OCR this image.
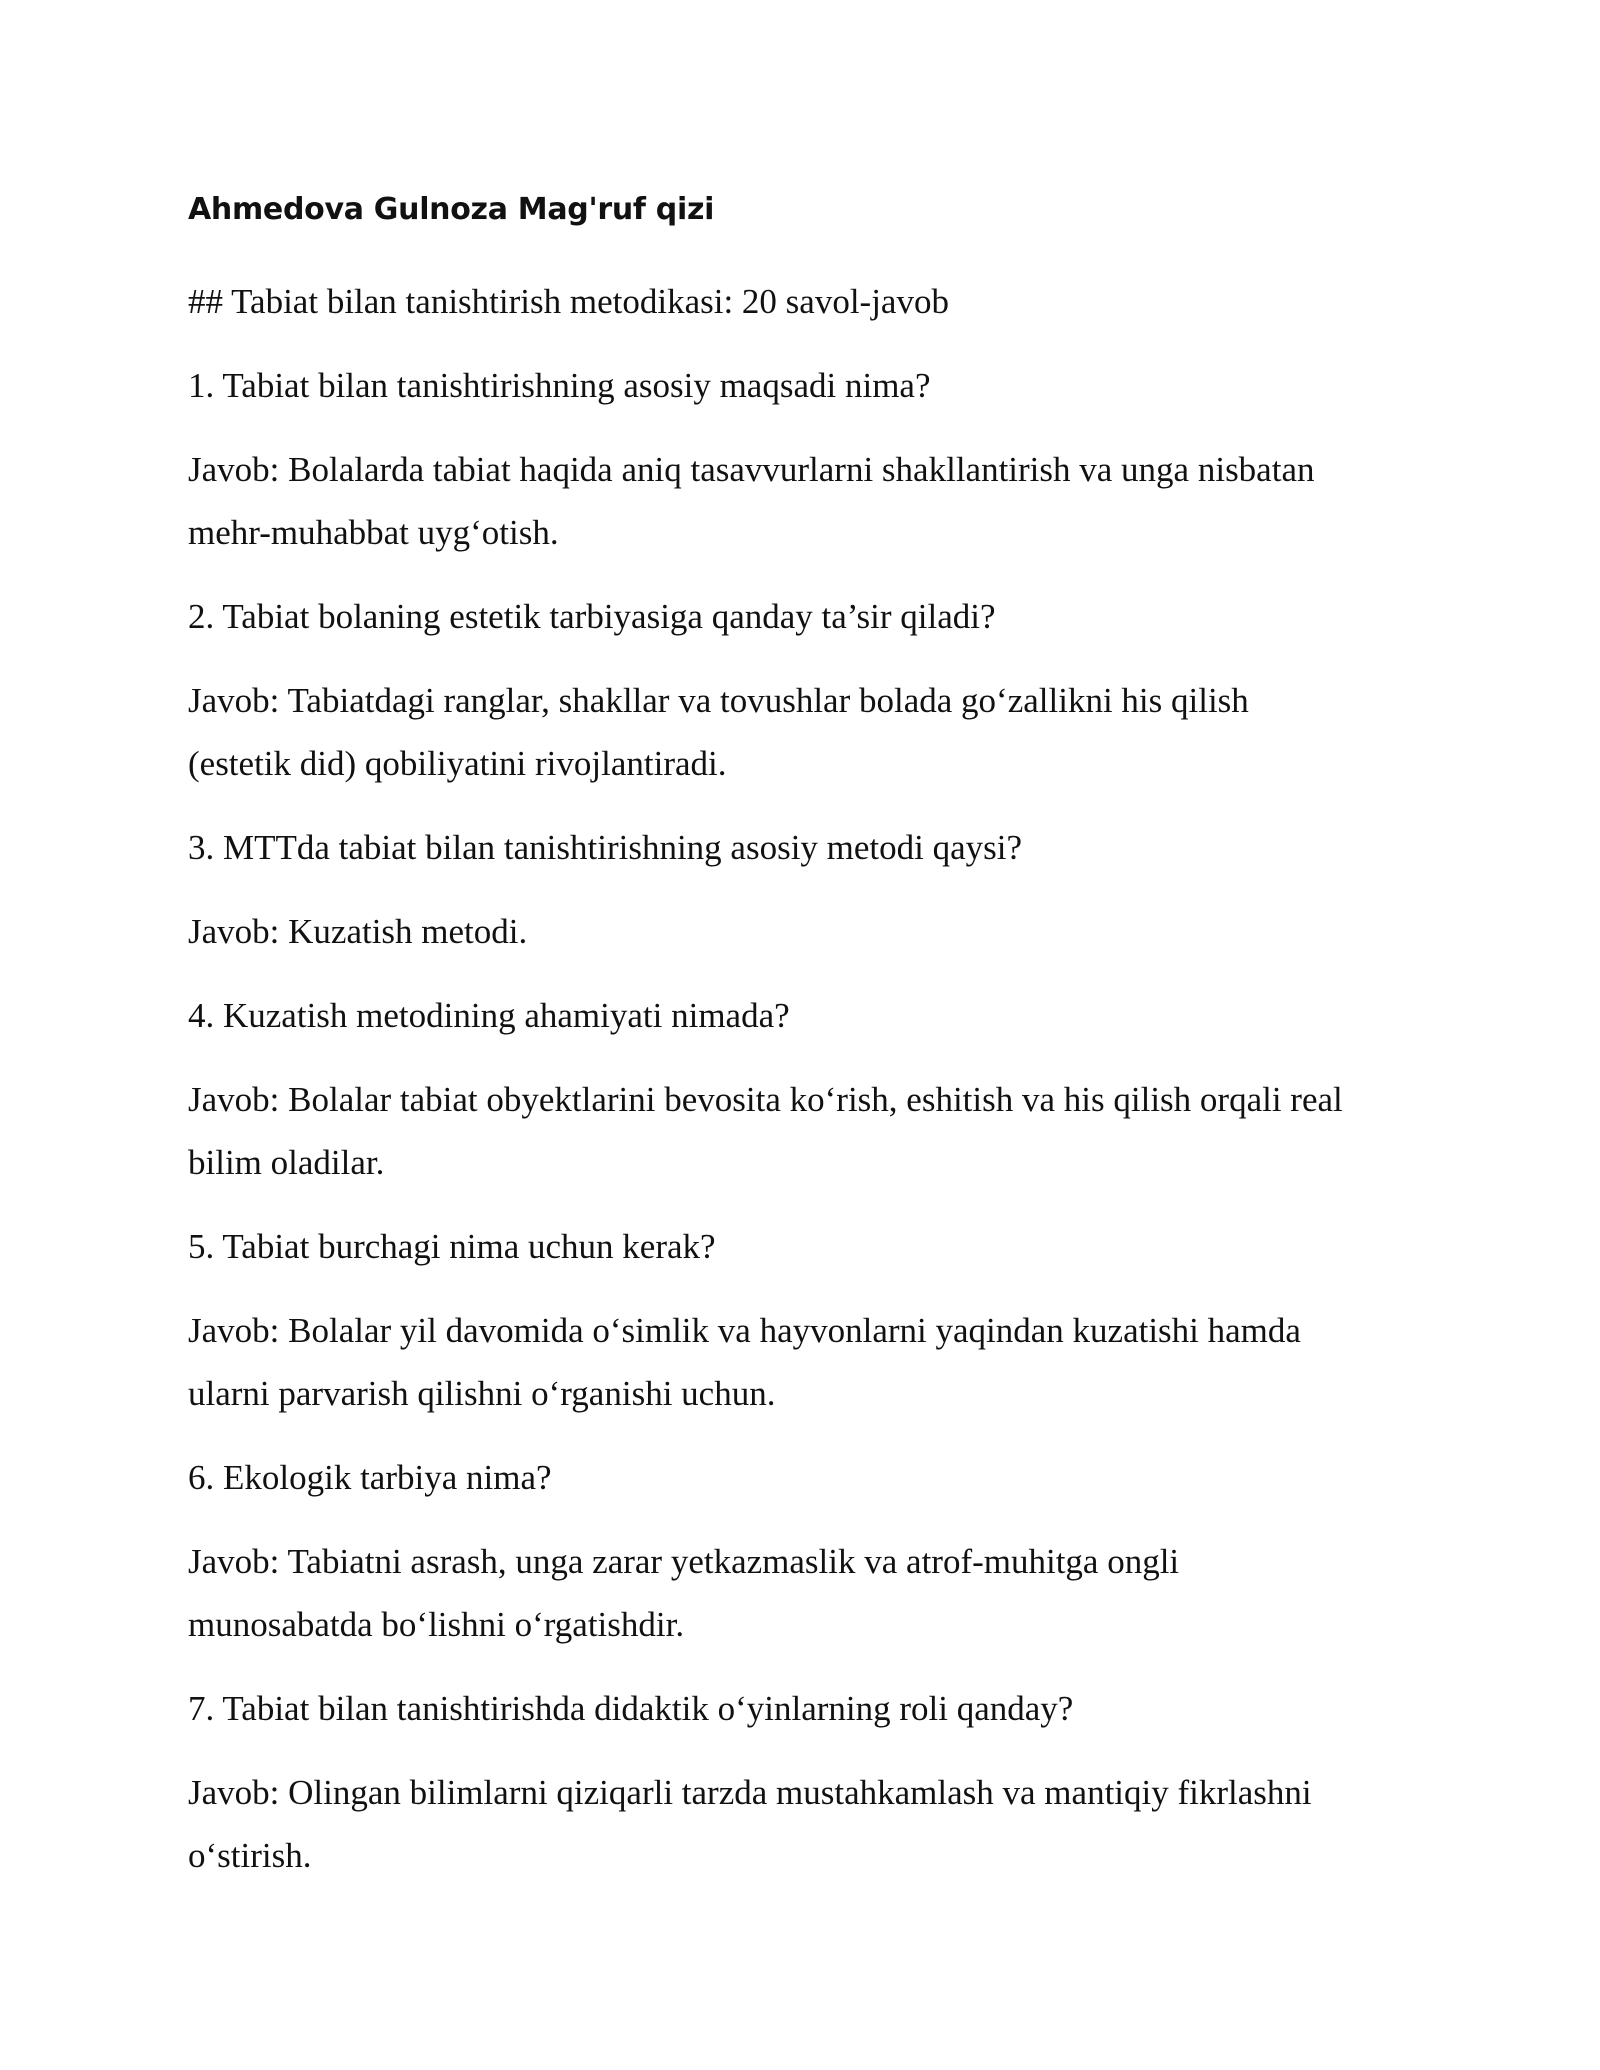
Ahmedova Gulnoza Mag'ruf qizi
## Tabiat bilan tanishtirish metodikasi: 20 savol-javob
1. Tabiat bilan tanishtirishning asosiy maqsadi nima?
Javob: Bolalarda tabiat haqida aniq tasavvurlarni shakllantirish va unga nisbatan
mehr-muhabbat uyg‘otish.
2. Tabiat bolaning estetik tarbiyasiga qanday ta’sir qiladi?
Javob: Tabiatdagi ranglar, shakllar va tovushlar bolada go‘zallikni his qilish
(estetik did) qobiliyatini rivojlantiradi.
3. MTTda tabiat bilan tanishtirishning asosiy metodi qaysi?
Javob: Kuzatish metodi.
4. Kuzatish metodining ahamiyati nimada?
Javob: Bolalar tabiat obyektlarini bevosita ko‘rish, eshitish va his qilish orqali real
bilim oladilar.
5. Tabiat burchagi nima uchun kerak?
Javob: Bolalar yil davomida o‘simlik va hayvonlarni yaqindan kuzatishi hamda
ularni parvarish qilishni o‘rganishi uchun.
6. Ekologik tarbiya nima?
Javob: Tabiatni asrash, unga zarar yetkazmaslik va atrof-muhitga ongli
munosabatda bo‘lishni o‘rgatishdir.
7. Tabiat bilan tanishtirishda didaktik o‘yinlarning roli qanday?
Javob: Olingan bilimlarni qiziqarli tarzda mustahkamlash va mantiqiy fikrlashni
o‘stirish.
